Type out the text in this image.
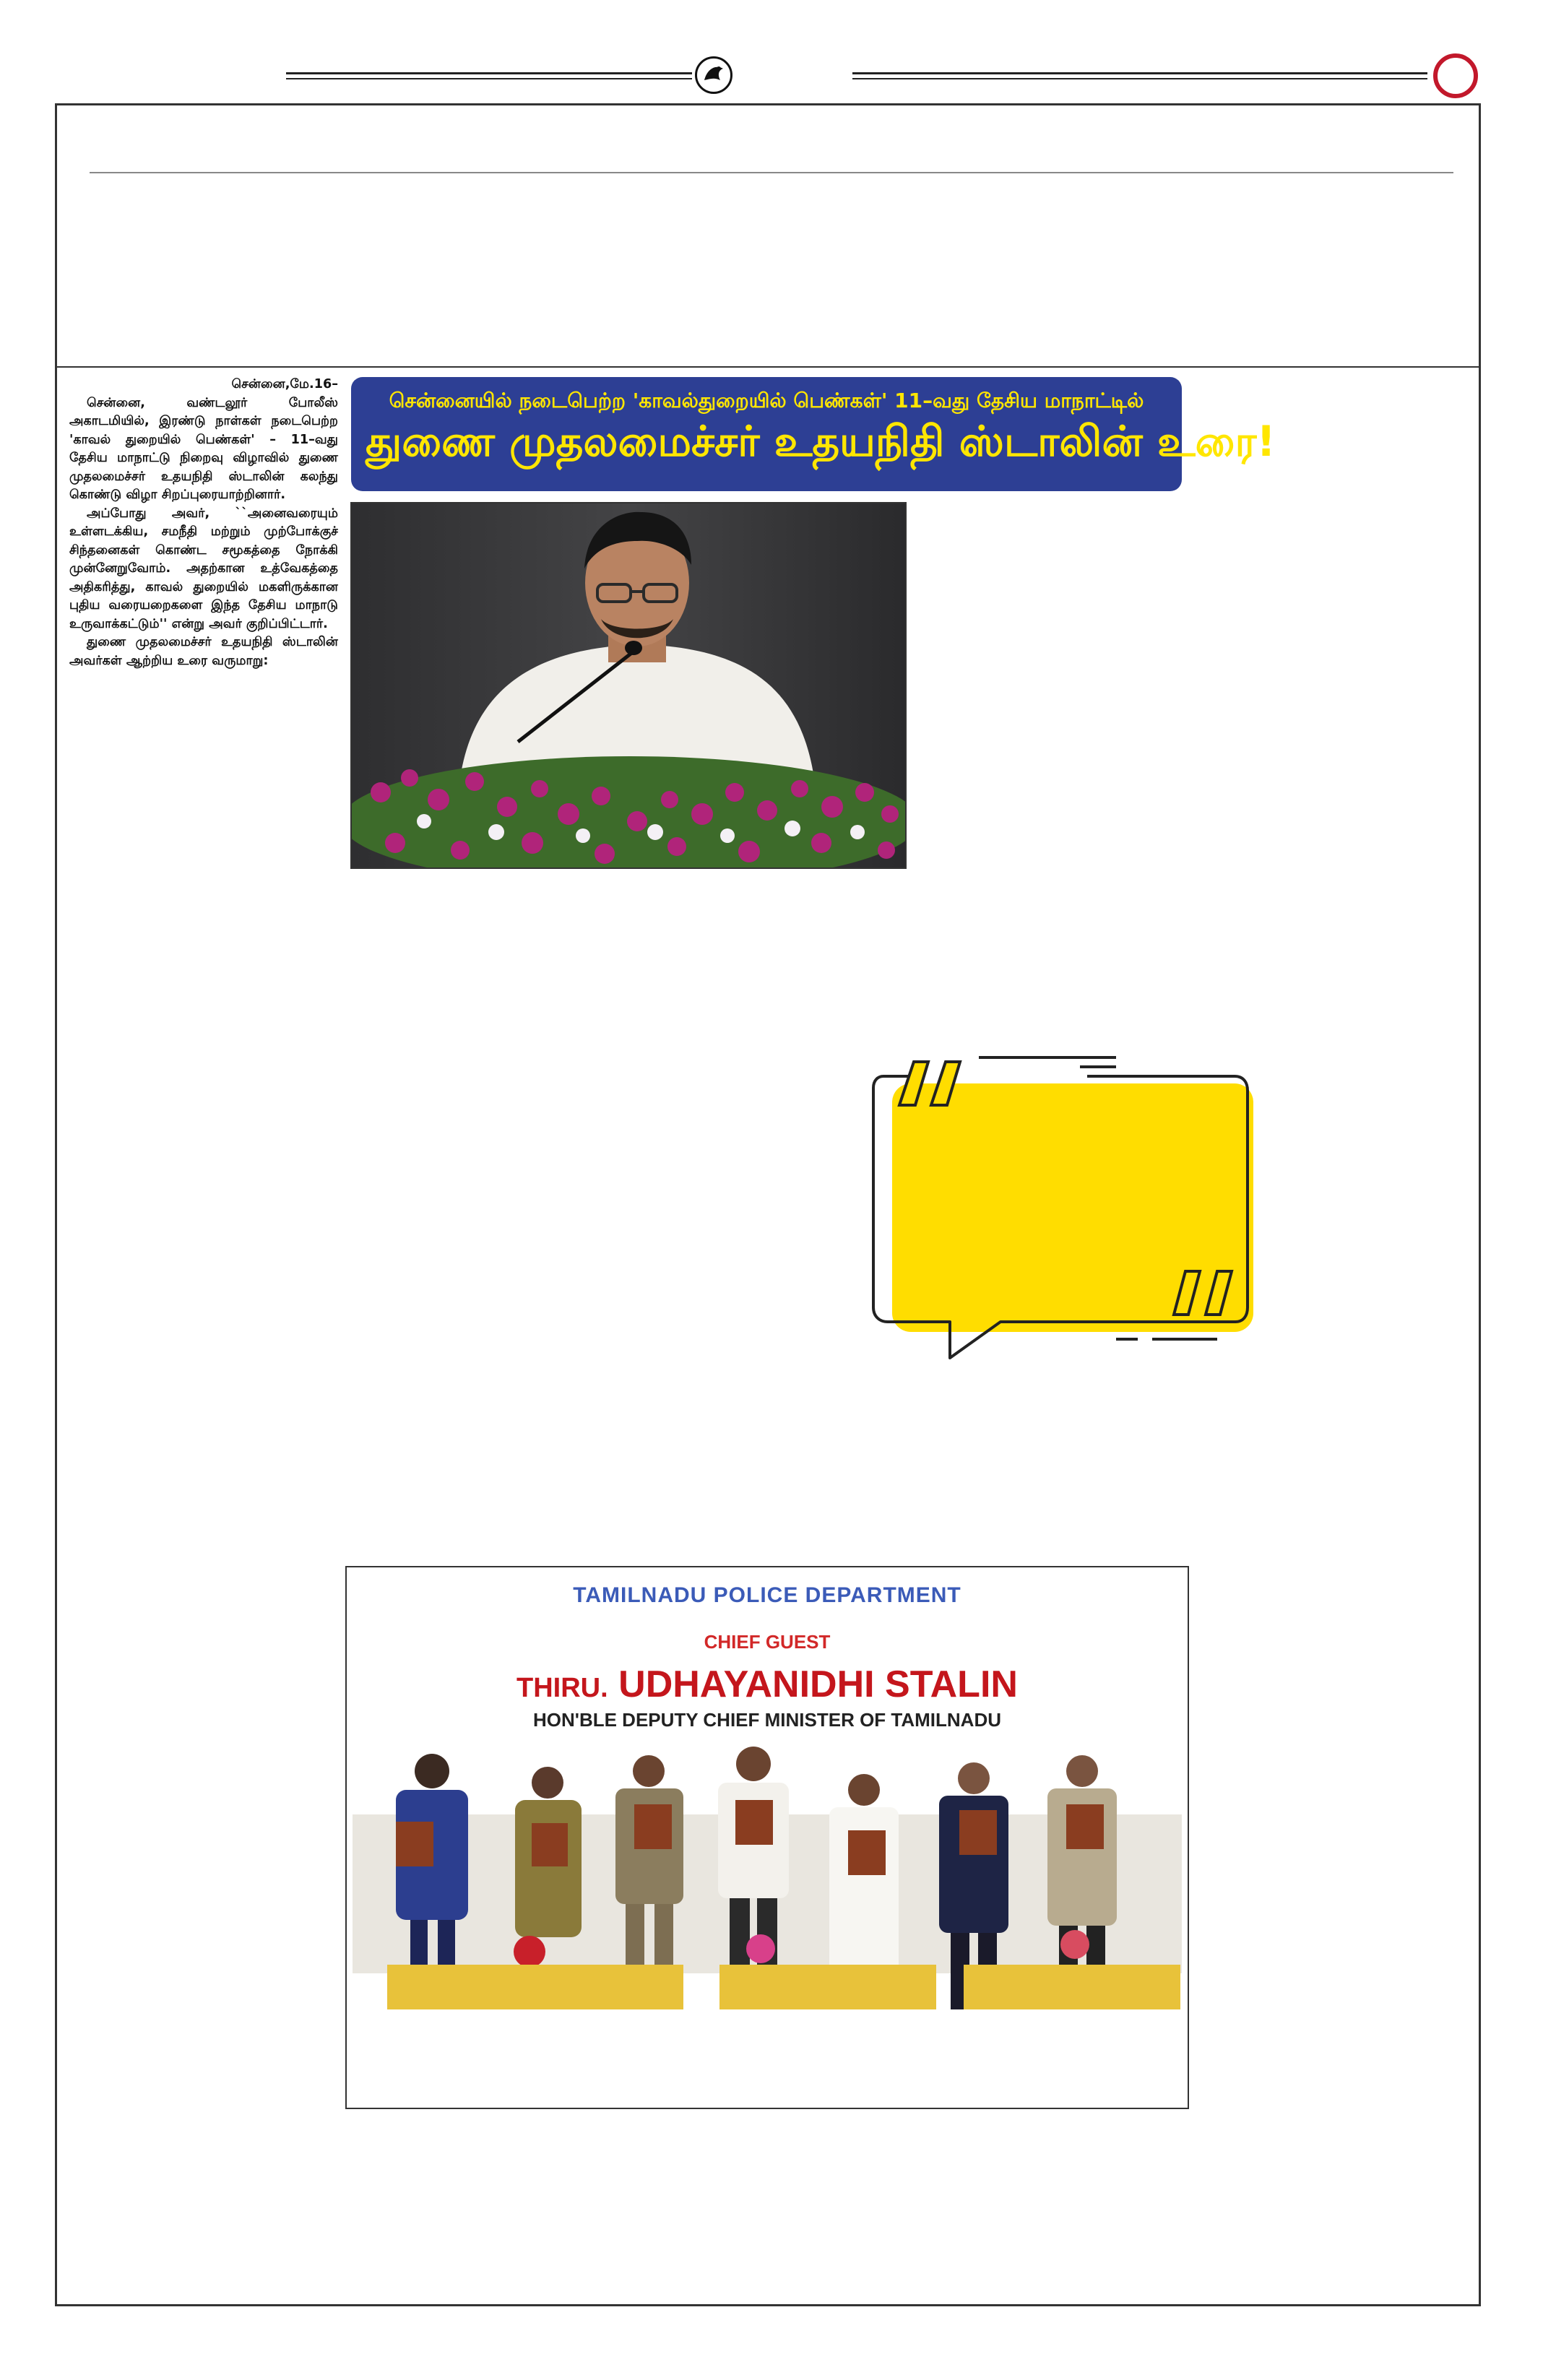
சென்னை,மே.16–

சென்னை, வண்டலூர் போலீஸ் அகாடமியில், இரண்டு நாள்கள் நடைபெற்ற 'காவல் துறையில் பெண்கள்' – 11–வது தேசிய மாநாட்டு நிறைவு விழாவில் துணை முதலமைச்சர் உதயநிதி ஸ்டாலின் கலந்து கொண்டு விழா சிறப்புரையாற்றினார்.

அப்போது அவர், ``அனைவரையும் உள்ளடக்கிய, சமநீதி மற்றும் முற்போக்குச் சிந்தனைகள் கொண்ட சமூகத்தை நோக்கி முன்னேறுவோம். அதற்கான உத்வேகத்தை அதிகரித்து, காவல் துறையில் மகளிருக்கான புதிய வரையறைகளை இந்த தேசிய மாநாடு உருவாக்கட்டும்'' என்று அவர் குறிப்பிட்டார்.

துணை முதலமைச்சர் உதயநிதி ஸ்டாலின் அவர்கள் ஆற்றிய உரை வருமாறு:

சென்னையில் நடைபெற்ற 'காவல்துறையில் பெண்கள்' 11–வது தேசிய மாநாட்டில்
துணை முதலமைச்சர் உதயநிதி ஸ்டாலின் உரை!
TAMILNADU POLICE DEPARTMENT
CHIEF GUEST
THIRU. UDHAYANIDHI STALIN
HON'BLE DEPUTY CHIEF MINISTER OF TAMILNADU
